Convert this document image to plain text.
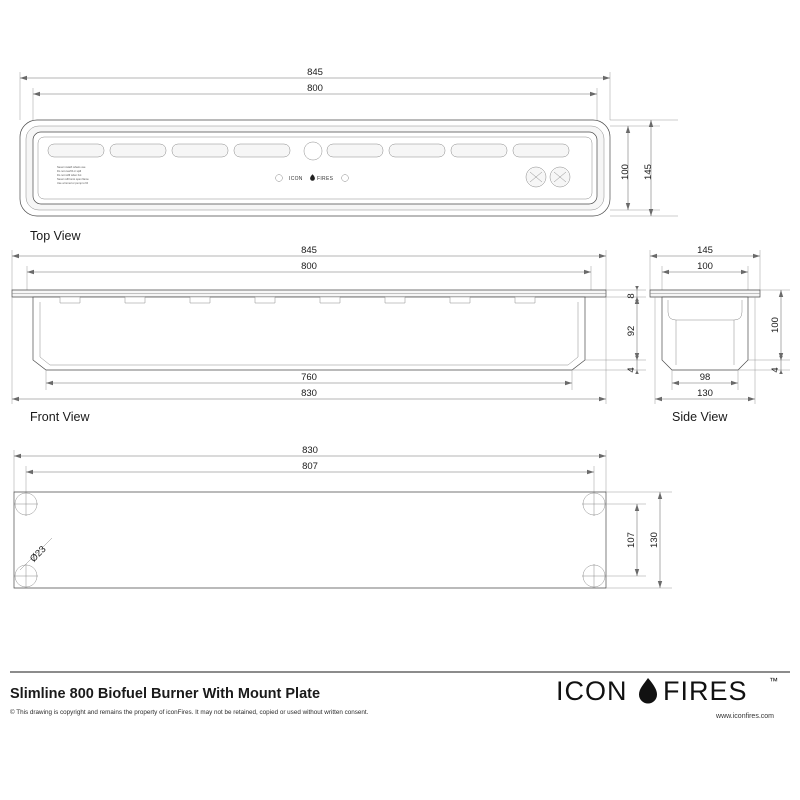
Never instal/l refuels use
Do not overfill or spill
Do not refill when hot
Never refill onto open flame
Use a funnel or pump to fill
ICON	FIRES
845
800
100 145
Top View
845
800
8
92
4
760
830
Front View
145
100
100
4
98
130
Side View
830
807
Ø23
107 130
Slimline 800 Biofuel Burner With Mount Plate
© This drawing is copyright and remains the property of iconFires. It may not be retained, copied or used without written consent.
ICON FIRES ™
www.iconfires.com
